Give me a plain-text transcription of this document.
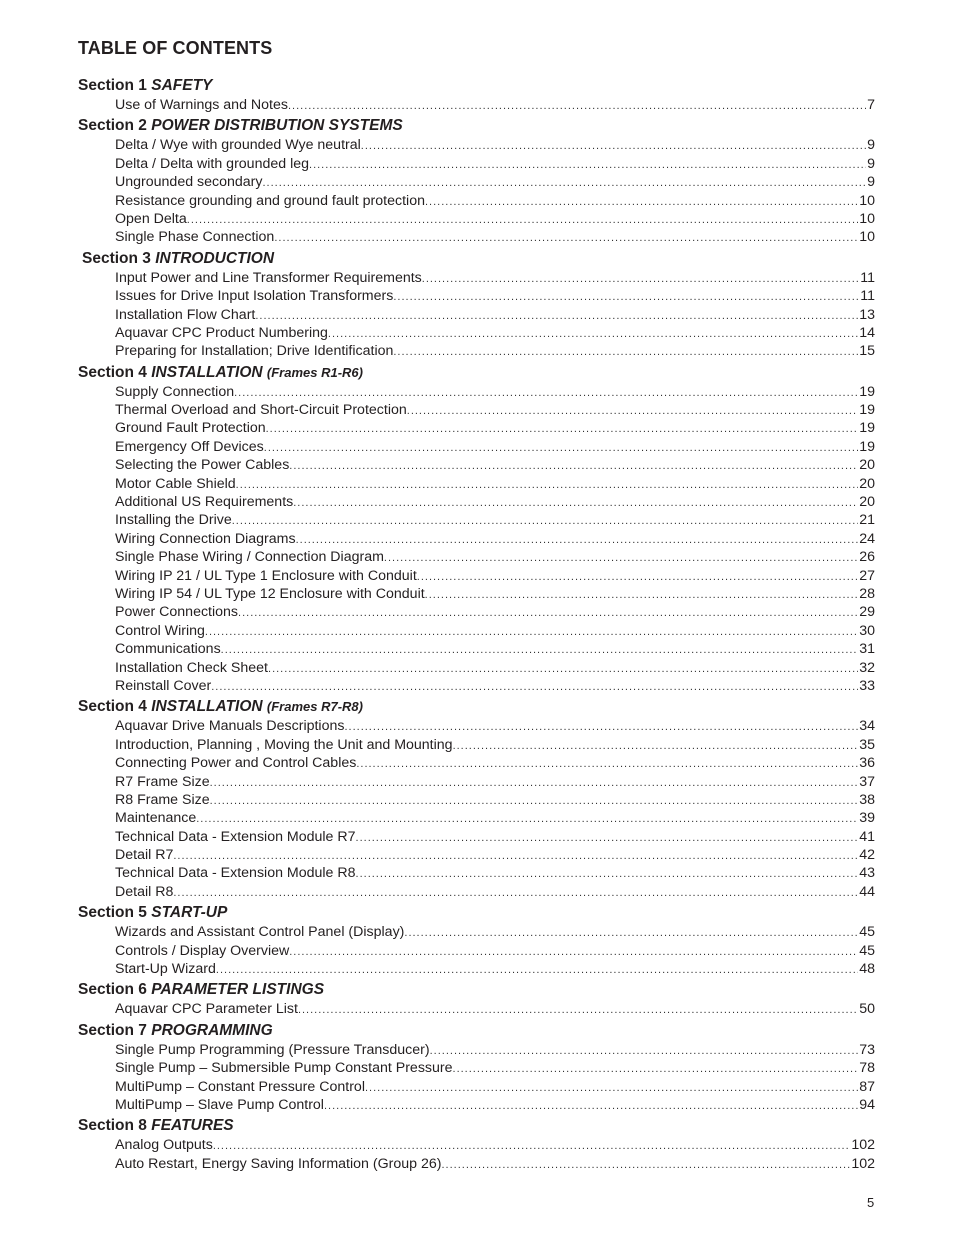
TABLE OF CONTENTS
Section 1 SAFETY
Use of Warnings and Notes .....	7
Section 2 POWER DISTRIBUTION SYSTEMS
Delta / Wye with grounded Wye neutral .....	9
Delta / Delta with grounded leg .....	9
Ungrounded secondary .....	9
Resistance grounding and ground fault protection .....	10
Open Delta .....	10
Single Phase Connection .....	10
Section 3 INTRODUCTION
Input Power and Line Transformer Requirements .....	11
Issues for Drive Input Isolation Transformers .....	11
Installation Flow Chart .....	13
Aquavar CPC Product Numbering .....	14
Preparing for Installation; Drive Identification .....	15
Section 4 INSTALLATION (Frames R1-R6)
Supply Connection .....	19
Thermal Overload and Short-Circuit Protection .....	19
Ground Fault Protection .....	19
Emergency Off Devices .....	19
Selecting the Power Cables .....	20
Motor Cable Shield .....	20
Additional US Requirements .....	20
Installing the Drive .....	21
Wiring Connection Diagrams .....	24
Single Phase Wiring / Connection Diagram .....	26
Wiring IP 21 / UL Type 1 Enclosure with Conduit .....	27
Wiring IP 54 / UL Type 12 Enclosure with Conduit .....	28
Power Connections .....	29
Control Wiring .....	30
Communications .....	31
Installation Check Sheet .....	32
Reinstall Cover .....	33
Section 4 INSTALLATION (Frames R7-R8)
Aquavar Drive Manuals Descriptions .....	34
Introduction, Planning , Moving the Unit and Mounting .....	35
Connecting Power and Control Cables .....	36
R7 Frame Size .....	37
R8 Frame Size .....	38
Maintenance .....	39
Technical Data - Extension Module R7 .....	41
Detail R7 .....	42
Technical Data - Extension Module R8 .....	43
Detail R8 .....	44
Section 5 START-UP
Wizards and Assistant Control Panel (Display) .....	45
Controls / Display Overview .....	45
Start-Up Wizard .....	48
Section 6 PARAMETER LISTINGS
Aquavar CPC Parameter List .....	50
Section 7 PROGRAMMING
Single Pump Programming (Pressure Transducer) .....	73
Single Pump – Submersible Pump Constant Pressure .....	78
MultiPump – Constant Pressure Control .....	87
MultiPump – Slave Pump Control .....	94
Section 8 FEATURES
Analog Outputs .....	102
Auto Restart, Energy Saving Information (Group 26) .....	102
5
